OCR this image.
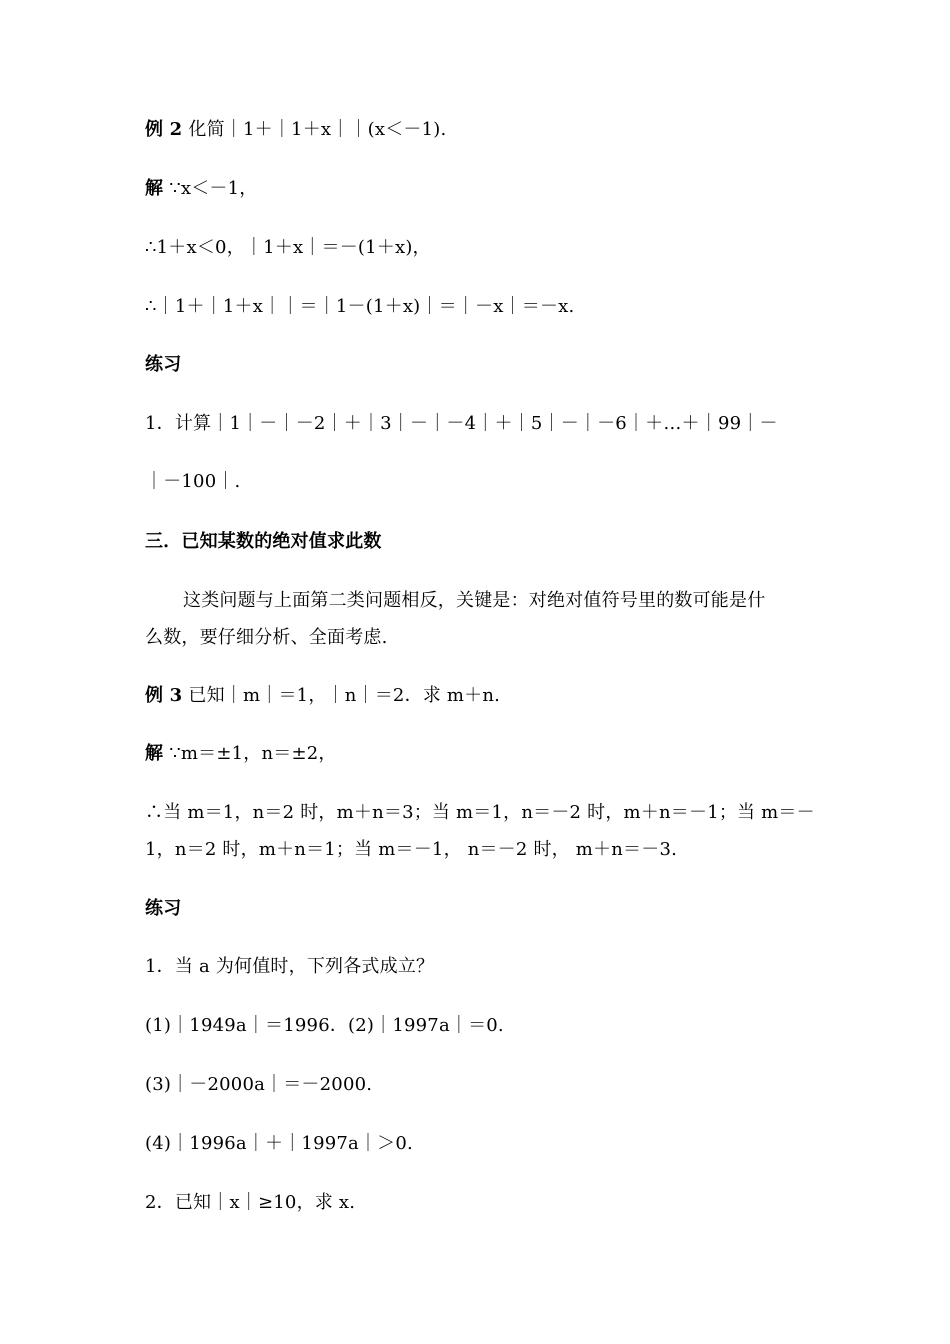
例 2 化简｜1＋｜1＋x｜｜(x＜－1).
解 ∵x＜－1，
∴1＋x＜0，｜1＋x｜＝－(1＋x)，
∴｜1＋｜1＋x｜｜＝｜1－(1＋x)｜＝｜－x｜＝－x.
练习
1．计算｜1｜－｜－2｜＋｜3｜－｜－4｜＋｜5｜－｜－6｜＋…＋｜99｜－
｜－100｜.
三．已知某数的绝对值求此数
这类问题与上面第二类问题相反，关键是：对绝对值符号里的数可能是什
么数，要仔细分析、全面考虑.
例 3 已知｜m｜＝1，｜n｜＝2．求 m＋n.
解 ∵m＝±1，n＝±2，
∴当 m＝1，n＝2 时，m＋n＝3；当 m＝1，n＝－2 时，m＋n＝－1；当 m＝－
1，n＝2 时，m＋n＝1；当 m＝－1， n＝－2 时， m＋n＝－3.
练习
1．当 a 为何值时，下列各式成立？
(1)｜1949a｜＝1996．(2)｜1997a｜＝0.
(3)｜－2000a｜＝－2000.
(4)｜1996a｜＋｜1997a｜＞0.
2．已知｜x｜≥10，求 x.
